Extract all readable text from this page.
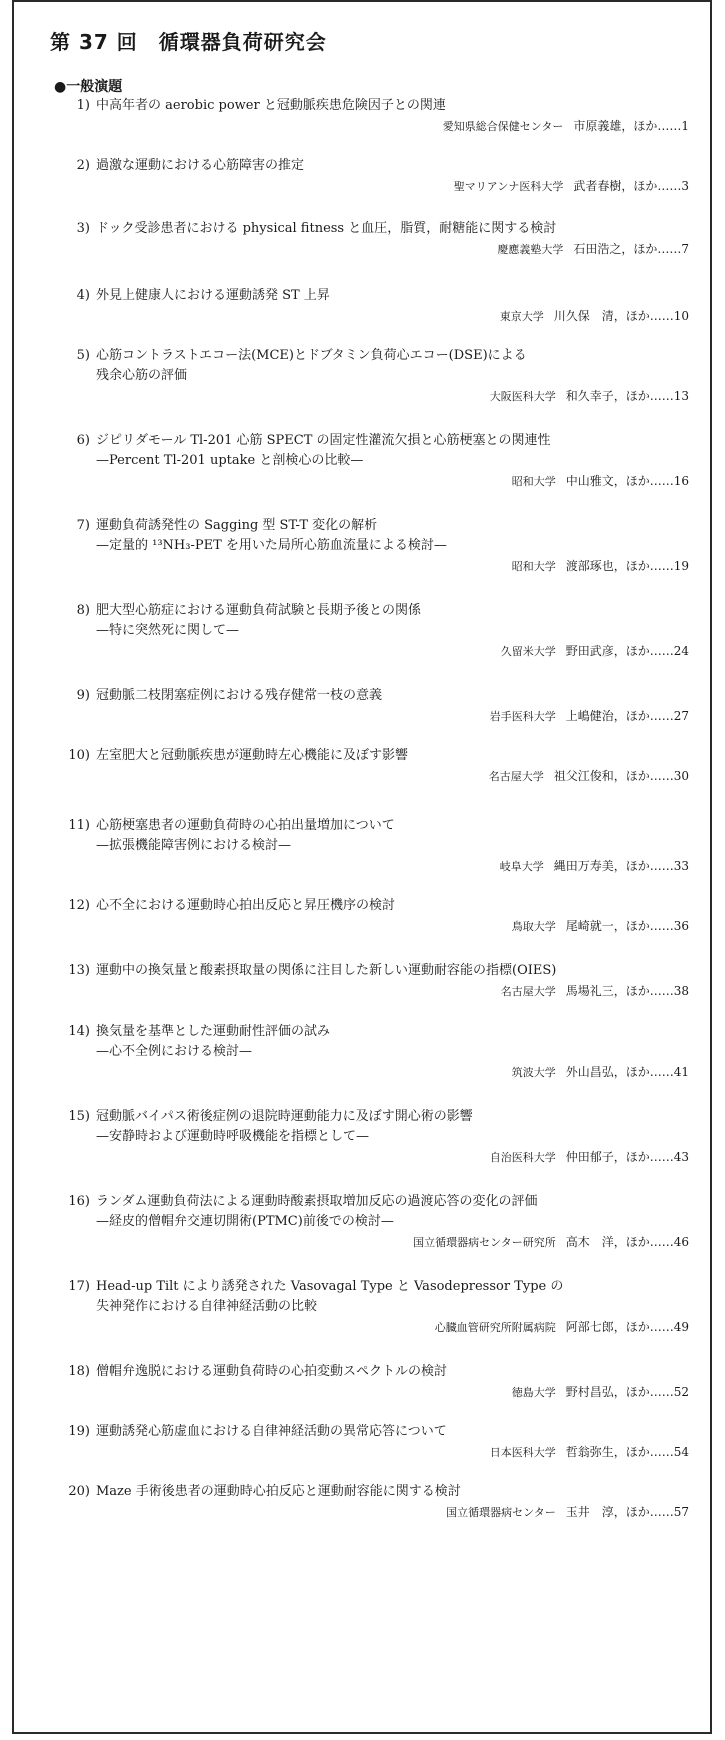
第 37 回　循環器負荷研究会
●一般演題
1) 中高年者の aerobic power と冠動脈疾患危険因子との関連
愛知県総合保健センター 市原義雄，ほか……1
2) 過激な運動における心筋障害の推定
聖マリアンナ医科大学 武者春樹，ほか……3
3) ドック受診患者における physical fitness と血圧，脂質，耐糖能に関する検討
慶應義塾大学 石田浩之，ほか……7
4) 外見上健康人における運動誘発 ST 上昇
東京大学 川久保　清，ほか……10
5) 心筋コントラストエコー法(MCE)とドブタミン負荷心エコー(DSE)による
残余心筋の評価
大阪医科大学 和久幸子，ほか……13
6) ジピリダモール Tl-201 心筋 SPECT の固定性灌流欠損と心筋梗塞との関連性
—Percent Tl-201 uptake と剖検心の比較—
昭和大学 中山雅文，ほか……16
7) 運動負荷誘発性の Sagging 型 ST-T 変化の解析
—定量的 ¹³NH₃-PET を用いた局所心筋血流量による検討—
昭和大学 渡部琢也，ほか……19
8) 肥大型心筋症における運動負荷試験と長期予後との関係
—特に突然死に関して—
久留米大学 野田武彦，ほか……24
9) 冠動脈二枝閉塞症例における残存健常一枝の意義
岩手医科大学 上嶋健治，ほか……27
10) 左室肥大と冠動脈疾患が運動時左心機能に及ぼす影響
名古屋大学 祖父江俊和，ほか……30
11) 心筋梗塞患者の運動負荷時の心拍出量増加について
—拡張機能障害例における検討—
岐阜大学 縄田万寿美，ほか……33
12) 心不全における運動時心拍出反応と昇圧機序の検討
鳥取大学 尾崎就一，ほか……36
13) 運動中の換気量と酸素摂取量の関係に注目した新しい運動耐容能の指標(OIES)
名古屋大学 馬場礼三，ほか……38
14) 換気量を基準とした運動耐性評価の試み
—心不全例における検討—
筑波大学 外山昌弘，ほか……41
15) 冠動脈バイパス術後症例の退院時運動能力に及ぼす開心術の影響
—安静時および運動時呼吸機能を指標として—
自治医科大学 仲田郁子，ほか……43
16) ランダム運動負荷法による運動時酸素摂取増加反応の過渡応答の変化の評価
—経皮的僧帽弁交連切開術(PTMC)前後での検討—
国立循環器病センター研究所 高木　洋，ほか……46
17) Head-up Tilt により誘発された Vasovagal Type と Vasodepressor Type の
失神発作における自律神経活動の比較
心臓血管研究所附属病院 阿部七郎，ほか……49
18) 僧帽弁逸脱における運動負荷時の心拍変動スペクトルの検討
徳島大学 野村昌弘，ほか……52
19) 運動誘発心筋虚血における自律神経活動の異常応答について
日本医科大学 哲翁弥生，ほか……54
20) Maze 手術後患者の運動時心拍反応と運動耐容能に関する検討
国立循環器病センター 玉井　淳，ほか……57
